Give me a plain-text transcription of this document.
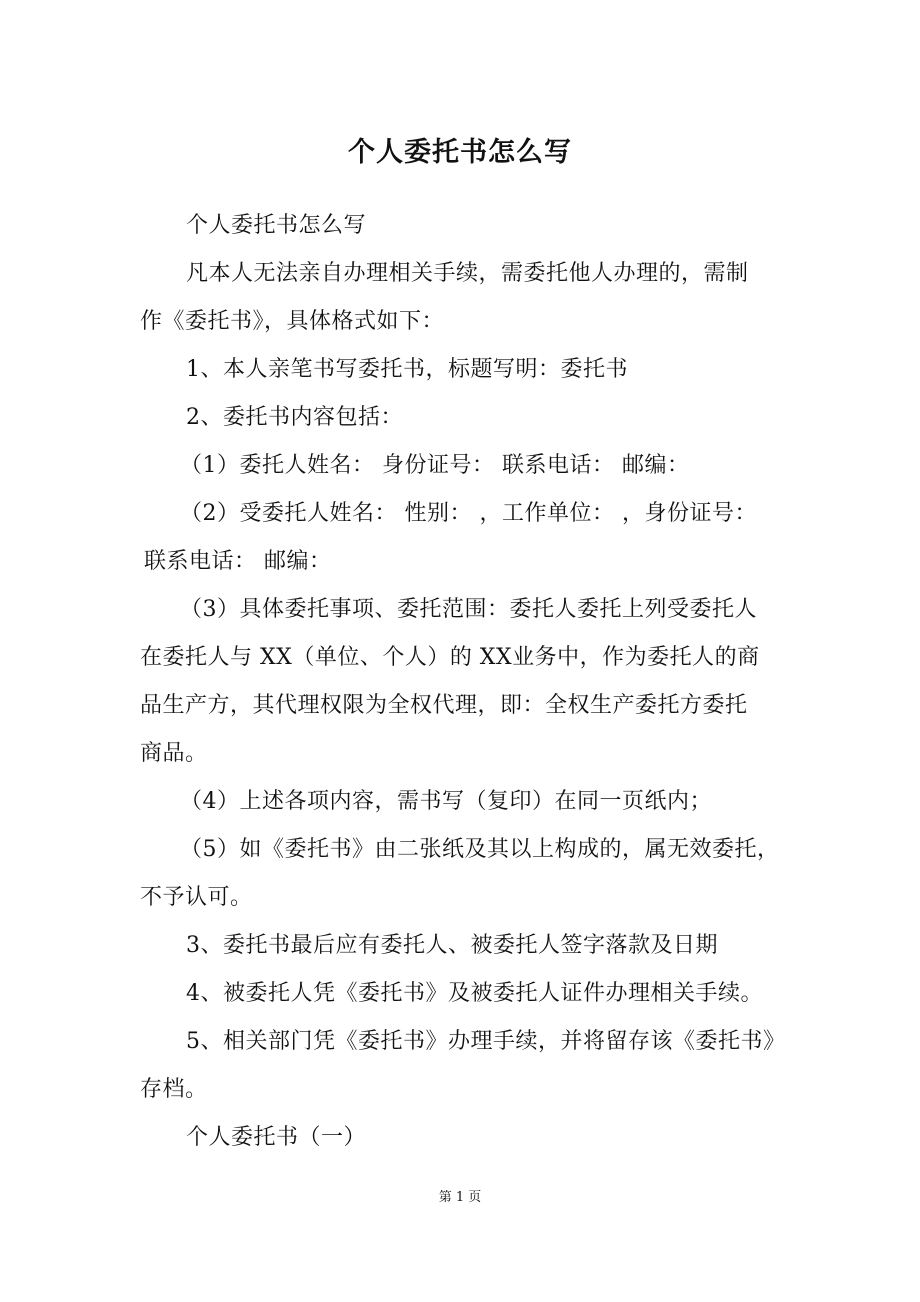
个人委托书怎么写
个人委托书怎么写
凡本人无法亲自办理相关手续，需委托他人办理的，需制
作《委托书》，具体格式如下：
1、本人亲笔书写委托书，标题写明：委托书
2、委托书内容包括：
（1）委托人姓名： 身份证号： 联系电话： 邮编：
（2）受委托人姓名： 性别： ，工作单位： ，身份证号：
联系电话： 邮编：
（3）具体委托事项、委托范围：委托人委托上列受委托人
在委托人与 XX（单位、个人）的 XX业务中，作为委托人的商
品生产方，其代理权限为全权代理，即：全权生产委托方委托
商品。
（4）上述各项内容，需书写（复印）在同一页纸内；
（5）如《委托书》由二张纸及其以上构成的，属无效委托，
不予认可。
3、委托书最后应有委托人、被委托人签字落款及日期
4、被委托人凭《委托书》及被委托人证件办理相关手续。
5、相关部门凭《委托书》办理手续，并将留存该《委托书》
存档。
个人委托书（一）
第 1 页
